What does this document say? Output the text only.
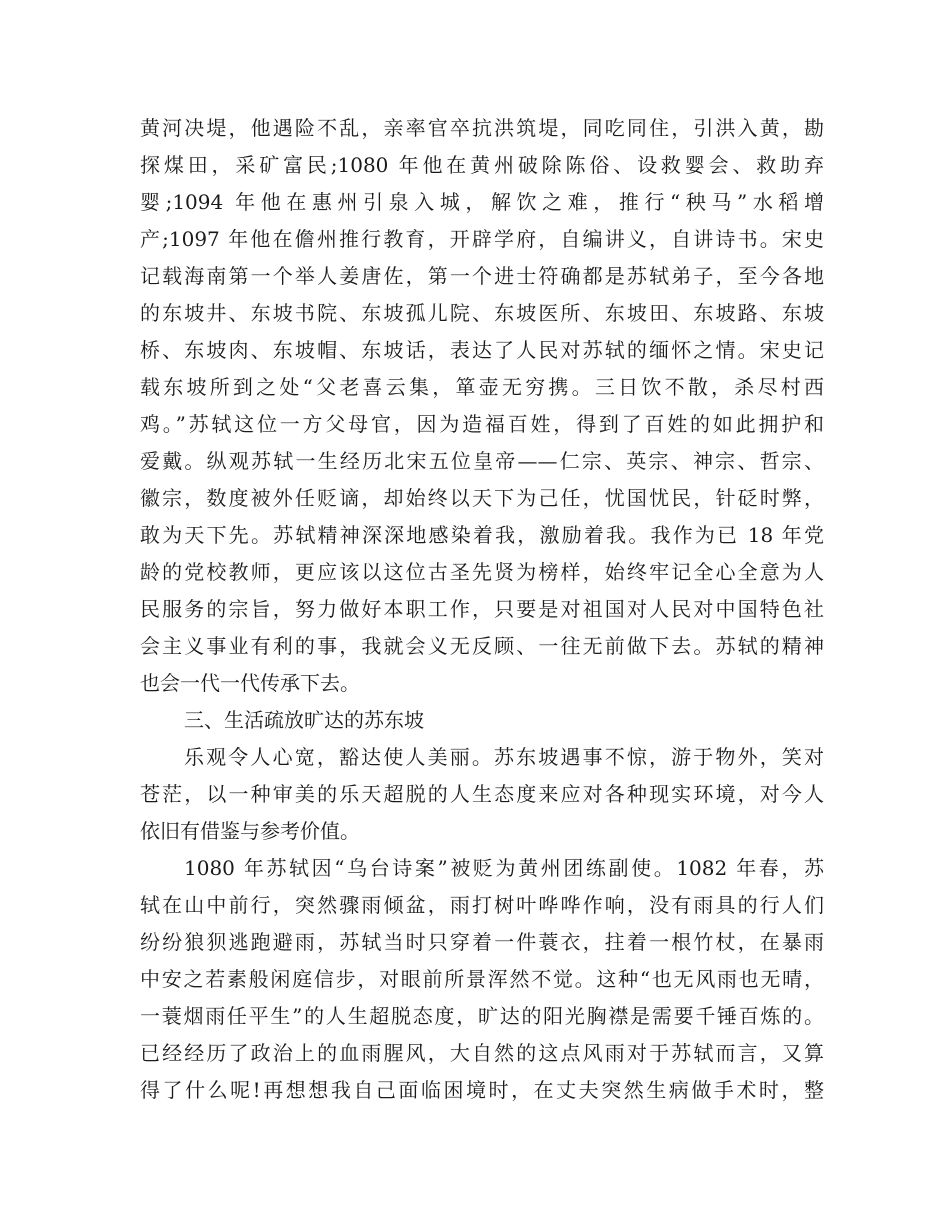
黄河决堤，他遇险不乱，亲率官卒抗洪筑堤，同吃同住，引洪入黄，勘
探煤田，采矿富民;1080 年他在黄州破除陈俗、设救婴会、救助弃
婴;1094 年他在惠州引泉入城，解饮之难，推行“秧马”水稻增
产;1097 年他在儋州推行教育，开辟学府，自编讲义，自讲诗书。宋史
记载海南第一个举人姜唐佐，第一个进士符确都是苏轼弟子，至今各地
的东坡井、东坡书院、东坡孤儿院、东坡医所、东坡田、东坡路、东坡
桥、东坡肉、东坡帽、东坡话，表达了人民对苏轼的缅怀之情。宋史记
载东坡所到之处“父老喜云集，箪壶无穷携。三日饮不散，杀尽村西
鸡。”苏轼这位一方父母官，因为造福百姓，得到了百姓的如此拥护和
爱戴。纵观苏轼一生经历北宋五位皇帝——仁宗、英宗、神宗、哲宗、
徽宗，数度被外任贬谪，却始终以天下为己任，忧国忧民，针砭时弊，
敢为天下先。苏轼精神深深地感染着我，激励着我。我作为已 18 年党
龄的党校教师，更应该以这位古圣先贤为榜样，始终牢记全心全意为人
民服务的宗旨，努力做好本职工作，只要是对祖国对人民对中国特色社
会主义事业有利的事，我就会义无反顾、一往无前做下去。苏轼的精神
也会一代一代传承下去。
三、生活疏放旷达的苏东坡
乐观令人心宽，豁达使人美丽。苏东坡遇事不惊，游于物外，笑对
苍茫，以一种审美的乐天超脱的人生态度来应对各种现实环境，对今人
依旧有借鉴与参考价值。
1080 年苏轼因“乌台诗案”被贬为黄州团练副使。1082 年春，苏
轼在山中前行，突然骤雨倾盆，雨打树叶哗哗作响，没有雨具的行人们
纷纷狼狈逃跑避雨，苏轼当时只穿着一件蓑衣，拄着一根竹杖，在暴雨
中安之若素般闲庭信步，对眼前所景浑然不觉。这种“也无风雨也无晴，
一蓑烟雨任平生”的人生超脱态度，旷达的阳光胸襟是需要千锤百炼的。
已经经历了政治上的血雨腥风，大自然的这点风雨对于苏轼而言，又算
得了什么呢!再想想我自己面临困境时，在丈夫突然生病做手术时，整
